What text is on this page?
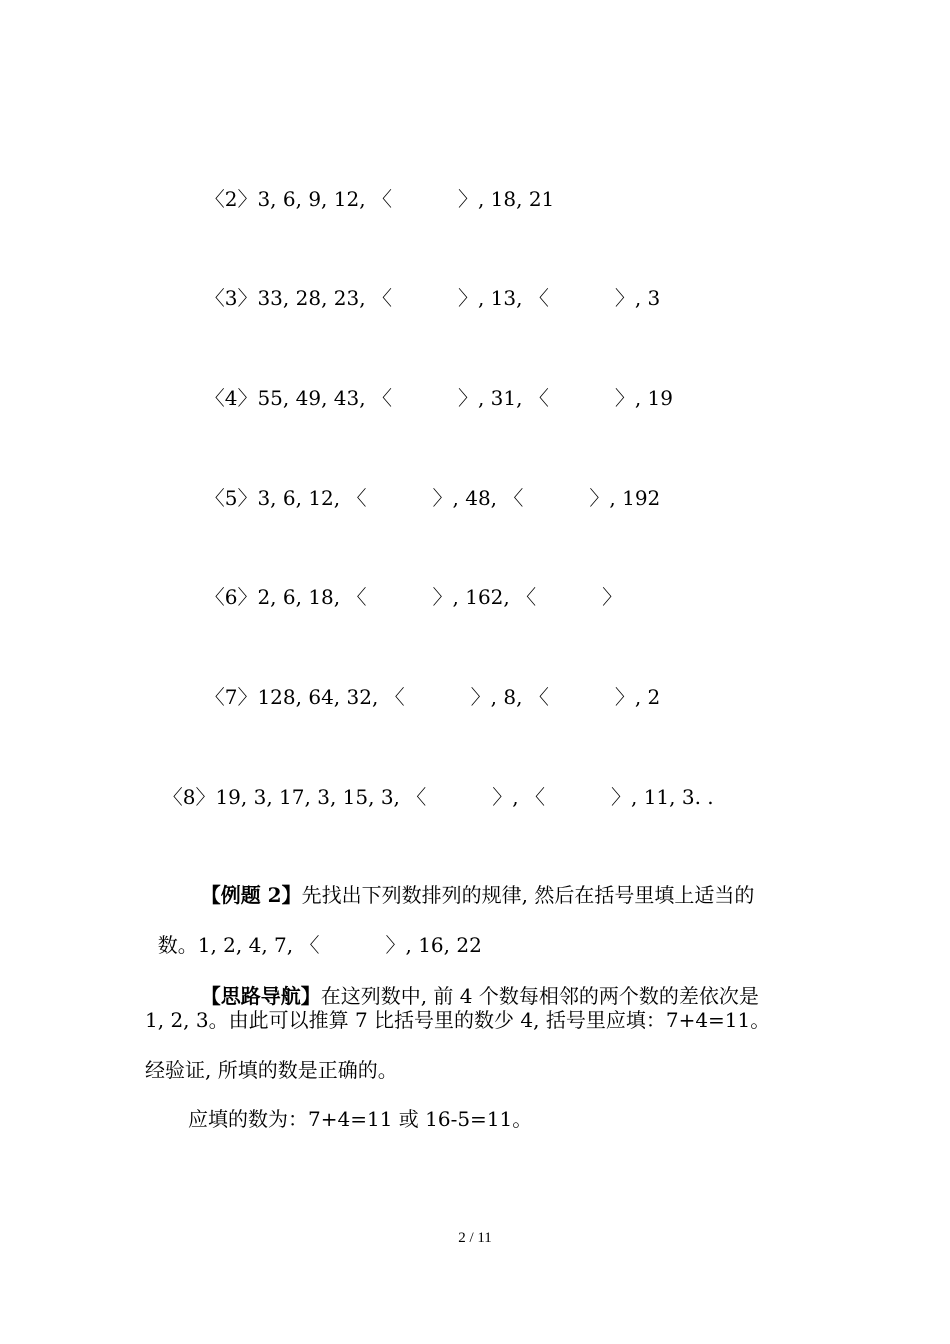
〈2〉3, 6, 9, 12, 〈	〉, 18, 21

〈3〉33, 28, 23, 〈	〉, 13, 〈	〉, 3

〈4〉55, 49, 43, 〈	〉, 31, 〈	〉, 19

〈5〉3, 6, 12, 〈	〉, 48, 〈	〉, 192

〈6〉2, 6, 18, 〈	〉, 162, 〈	〉

〈7〉128, 64, 32, 〈	〉, 8, 〈	〉, 2

〈8〉19, 3, 17, 3, 15, 3, 〈	〉, 〈	〉, 11, 3. .

【例题 2】先找出下列数排列的规律, 然后在括号里填上适当的

数。1, 2, 4, 7, 〈	〉, 16, 22

【思路导航】在这列数中, 前 4 个数每相邻的两个数的差依次是

1, 2, 3。由此可以推算 7 比括号里的数少 4, 括号里应填：7+4=11。
经验证, 所填的数是正确的。
应填的数为：7+4=11 或 16-5=11。
2 / 11
